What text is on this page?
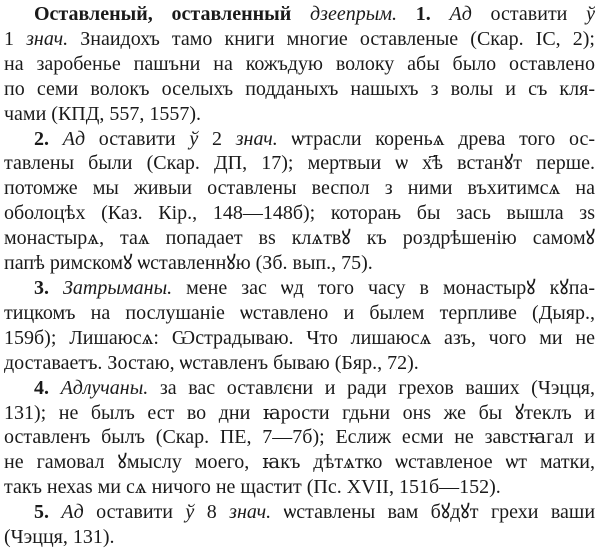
Оставленый, оставленный дзеепрым. 1. Ад оставити ў
1 знач. Знаидохъ тамо книги многие оставленые (Скар. ІС, 2);
на заробенье пашъни на кожъдую волоку абы было оставлено
по семи волокъ оселыхъ подданыхъ нашыхъ з волы и съ кля-
чами (КПД, 557, 1557).
2. Ад оставити ў 2 знач. ѡтрасли кореньѧ древа того ос-
тавлены были (Скар. ДП, 17); мертвыи ѡ х҃ѣ встанꙋт перше.
потомже мы живыи оставлены веспол з ними въхитимсѧ на
оболоцѣх (Каз. Кір., 148—148б); которањ бы зась вышла зs
монастырѧ, таѧ попадает вs клѧтвꙋ къ роздрѣшенію самомꙋ
папѣ римскомꙋ ѡставленнꙋю (Зб. вып., 75).
3. Затрыманы. мене зас ѡд того часу в монастырꙋ кꙋпа-
тицкомъ на послушаніе ѡставлено и былем терпливе (Дыяр.,
159б); Лишаюсѧ: Ѡстрадываю. Что лишаюсѧ азъ, чого ми не
доставаетъ. Зостаю, ѡставленъ бываю (Бяр., 72).
4. Адлучаны. за вас оставлєни и ради грехов ваших (Чэцця,
131); не былъ ест во дни ꙗрости гдьни онs же бы ꙋтеклъ и
оставленъ былъ (Скар. ПЕ, 7—7б); Еслиж есми не завстꙗгал и
не гамовал ꙋмыслу моего, ꙗкъ дѣтѧтко ѡставленое ѡт матки,
такъ нехаs ми сѧ ничого не щастит (Пс. XVII, 151б—152).
5. Ад оставити ў 8 знач. ѡставлены вам бꙋдꙋт грехи ваши
(Чэцця, 131).
